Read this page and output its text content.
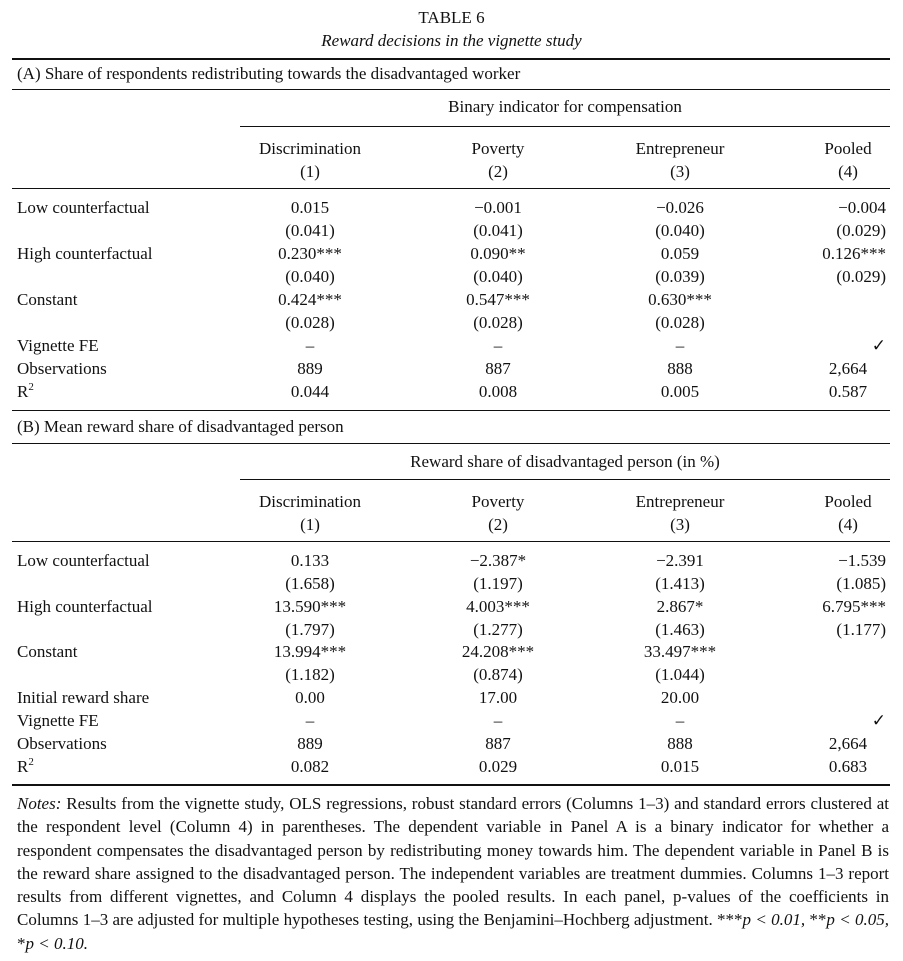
TABLE 6
Reward decisions in the vignette study
(A) Share of respondents redistributing towards the disadvantaged worker
Binary indicator for compensation
Discrimination	Poverty	Entrepreneur	Pooled
(1)	(2)	(3)	(4)
Low counterfactual	0.015	−0.001	−0.026	−0.004
(0.041)	(0.041)	(0.040)	(0.029)
High counterfactual	0.230***	0.090**	0.059	0.126***
(0.040)	(0.040)	(0.039)	(0.029)
Constant	0.424***	0.547***	0.630***
(0.028)	(0.028)	(0.028)
Vignette FE	–	–	–	✓
Observations	889	887	888	2,664
$R^2$	0.044	0.008	0.005	0.587
(B) Mean reward share of disadvantaged person
Reward share of disadvantaged person (in %)
Discrimination	Poverty	Entrepreneur	Pooled
(1)	(2)	(3)	(4)
Low counterfactual	0.133	−2.387*	−2.391	−1.539
(1.658)	(1.197)	(1.413)	(1.085)
High counterfactual	13.590***	4.003***	2.867*	6.795***
(1.797)	(1.277)	(1.463)	(1.177)
Constant	13.994***	24.208***	33.497***
(1.182)	(0.874)	(1.044)
Initial reward share	0.00	17.00	20.00
Vignette FE	–	–	–	✓
Observations	889	887	888	2,664
$R^2$	0.082	0.029	0.015	0.683
Notes: Results from the vignette study, OLS regressions, robust standard errors (Columns 1–3) and standard errors clustered at the respondent level (Column 4) in parentheses. The dependent variable in Panel A is a binary indicator for whether a respondent compensates the disadvantaged person by redistributing money towards him. The dependent variable in Panel B is the reward share assigned to the disadvantaged person. The independent variables are treatment dummies. Columns 1–3 report results from different vignettes, and Column 4 displays the pooled results. In each panel, p-values of the coefficients in Columns 1–3 are adjusted for multiple hypotheses testing, using the Benjamini–Hochberg adjustment. ***p < 0.01, **p < 0.05, *p < 0.10.
